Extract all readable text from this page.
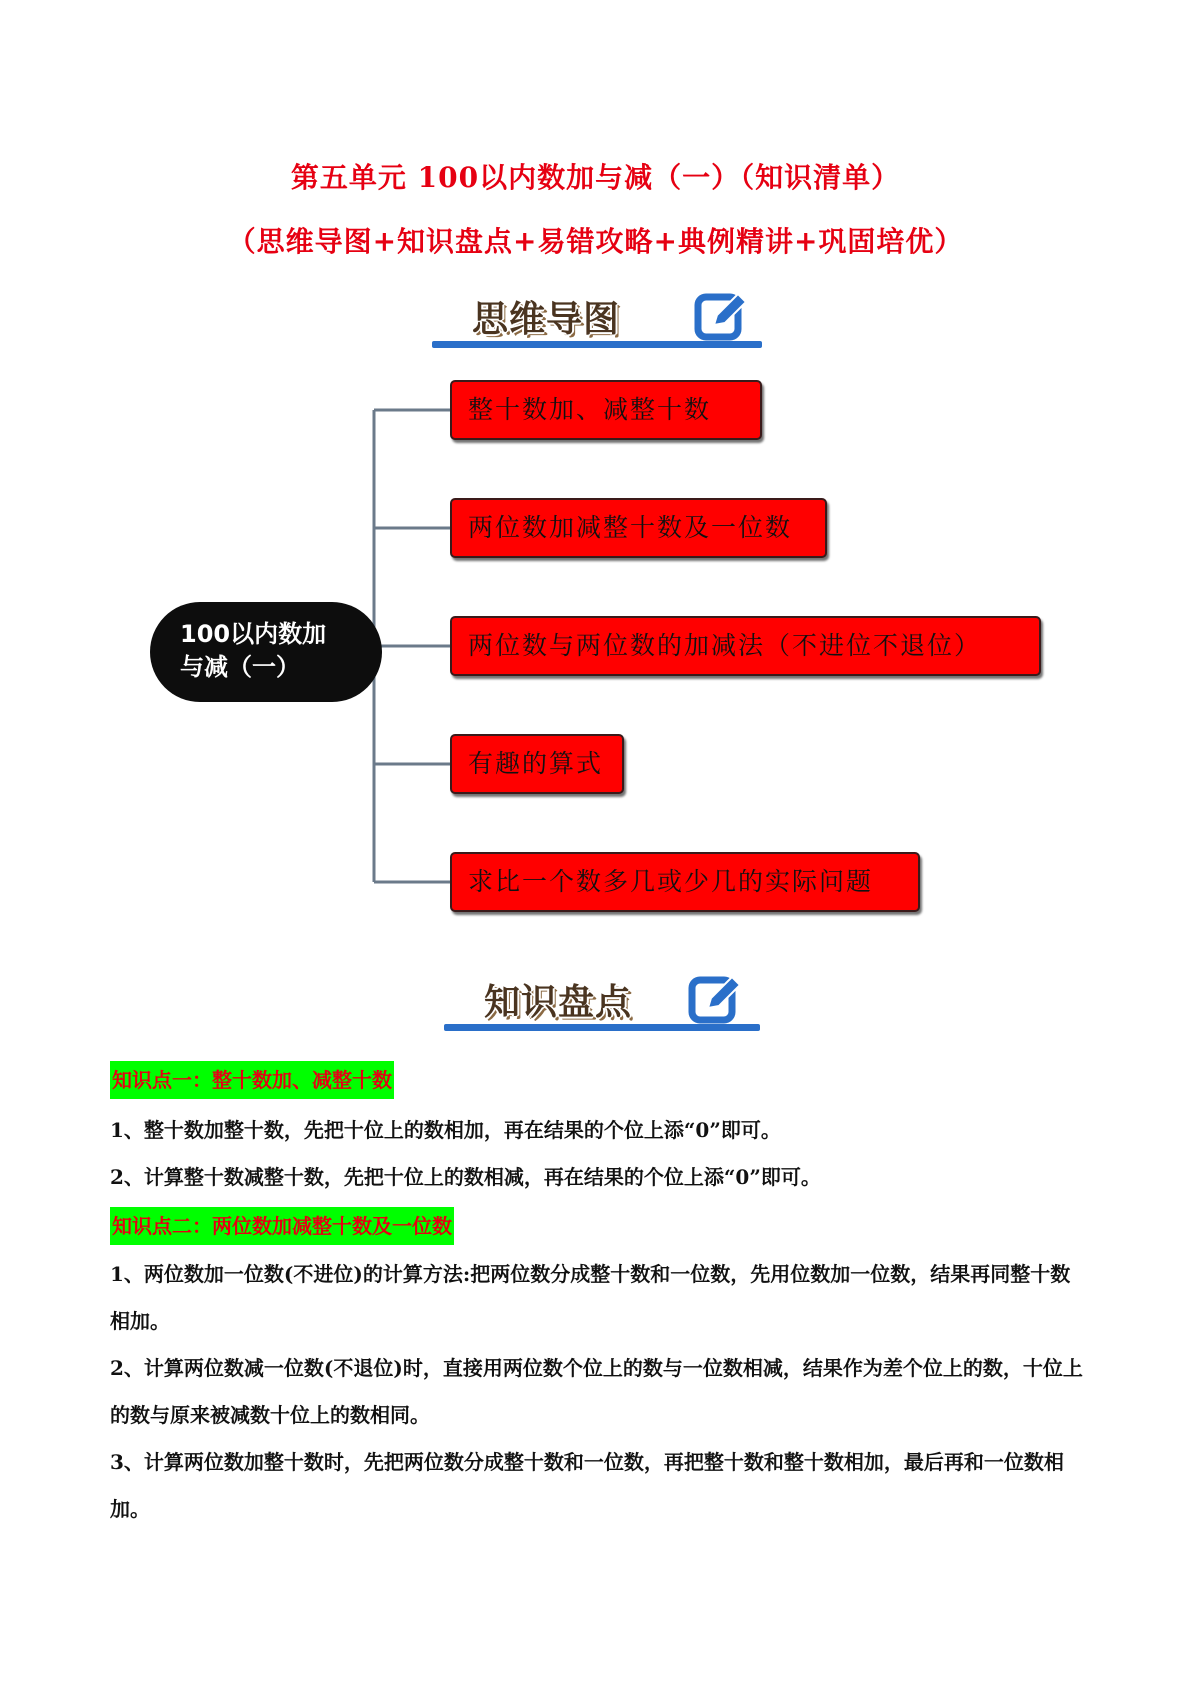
第五单元 100以内数加与减（一）（知识清单）
（思维导图+知识盘点+易错攻略+典例精讲+巩固培优）
思维导图
100以内数加
与减（一）
整十数加、减整十数
两位数加减整十数及一位数
两位数与两位数的加减法（不进位不退位）
有趣的算式
求比一个数多几或少几的实际问题
知识盘点
知识点一：整十数加、减整十数
1、整十数加整十数，先把十位上的数相加，再在结果的个位上添“0”即可。
2、计算整十数减整十数，先把十位上的数相减，再在结果的个位上添“0”即可。
知识点二：两位数加减整十数及一位数
1、两位数加一位数(不进位)的计算方法:把两位数分成整十数和一位数，先用位数加一位数，结果再同整十数相加。
2、计算两位数减一位数(不退位)时，直接用两位数个位上的数与一位数相减，结果作为差个位上的数，十位上的数与原来被减数十位上的数相同。
3、计算两位数加整十数时，先把两位数分成整十数和一位数，再把整十数和整十数相加，最后再和一位数相加。
